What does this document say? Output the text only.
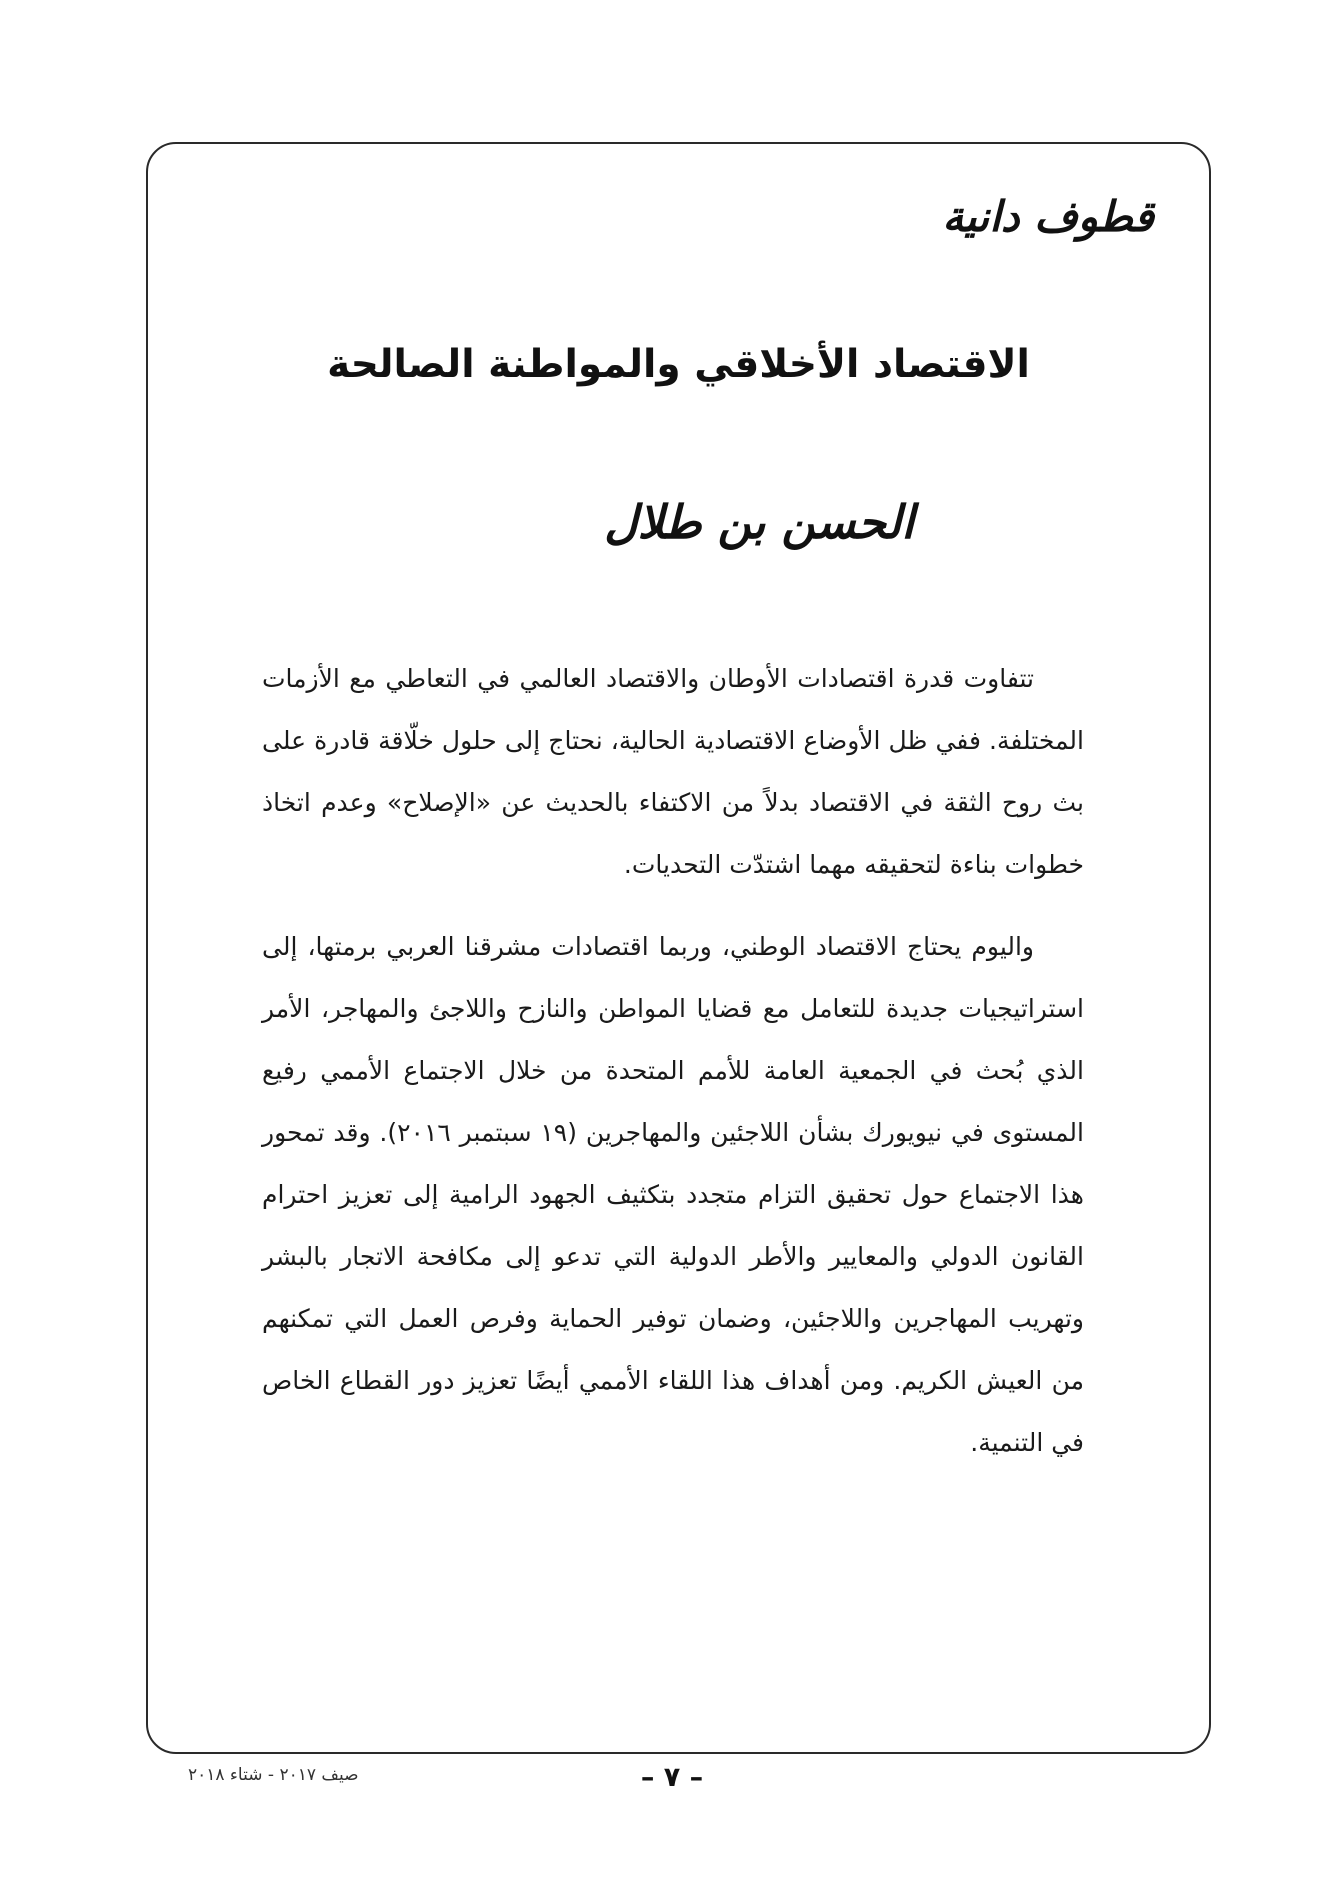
قطوف دانية
الاقتصاد الأخلاقي والمواطنة الصالحة
الحسن بن طلال

تتفاوت قدرة اقتصادات الأوطان والاقتصاد العالمي في التعاطي مع الأزمات المختلفة. ففي ظل الأوضاع الاقتصادية الحالية، نحتاج إلى حلول خلّاقة قادرة على بث روح الثقة في الاقتصاد بدلاً من الاكتفاء بالحديث عن «الإصلاح» وعدم اتخاذ خطوات بناءة لتحقيقه مهما اشتدّت التحديات.

واليوم يحتاج الاقتصاد الوطني، وربما اقتصادات مشرقنا العربي برمتها، إلى استراتيجيات جديدة للتعامل مع قضايا المواطن والنازح واللاجئ والمهاجر، الأمر الذي بُحث في الجمعية العامة للأمم المتحدة من خلال الاجتماع الأممي رفيع المستوى في نيويورك بشأن اللاجئين والمهاجرين (١٩ سبتمبر ٢٠١٦). وقد تمحور هذا الاجتماع حول تحقيق التزام متجدد بتكثيف الجهود الرامية إلى تعزيز احترام القانون الدولي والمعايير والأطر الدولية التي تدعو إلى مكافحة الاتجار بالبشر وتهريب المهاجرين واللاجئين، وضمان توفير الحماية وفرص العمل التي تمكنهم من العيش الكريم. ومن أهداف هذا اللقاء الأممي أيضًا تعزيز دور القطاع الخاص في التنمية.

صيف ٢٠١٧ - شتاء ٢٠١٨	– ٧ –
